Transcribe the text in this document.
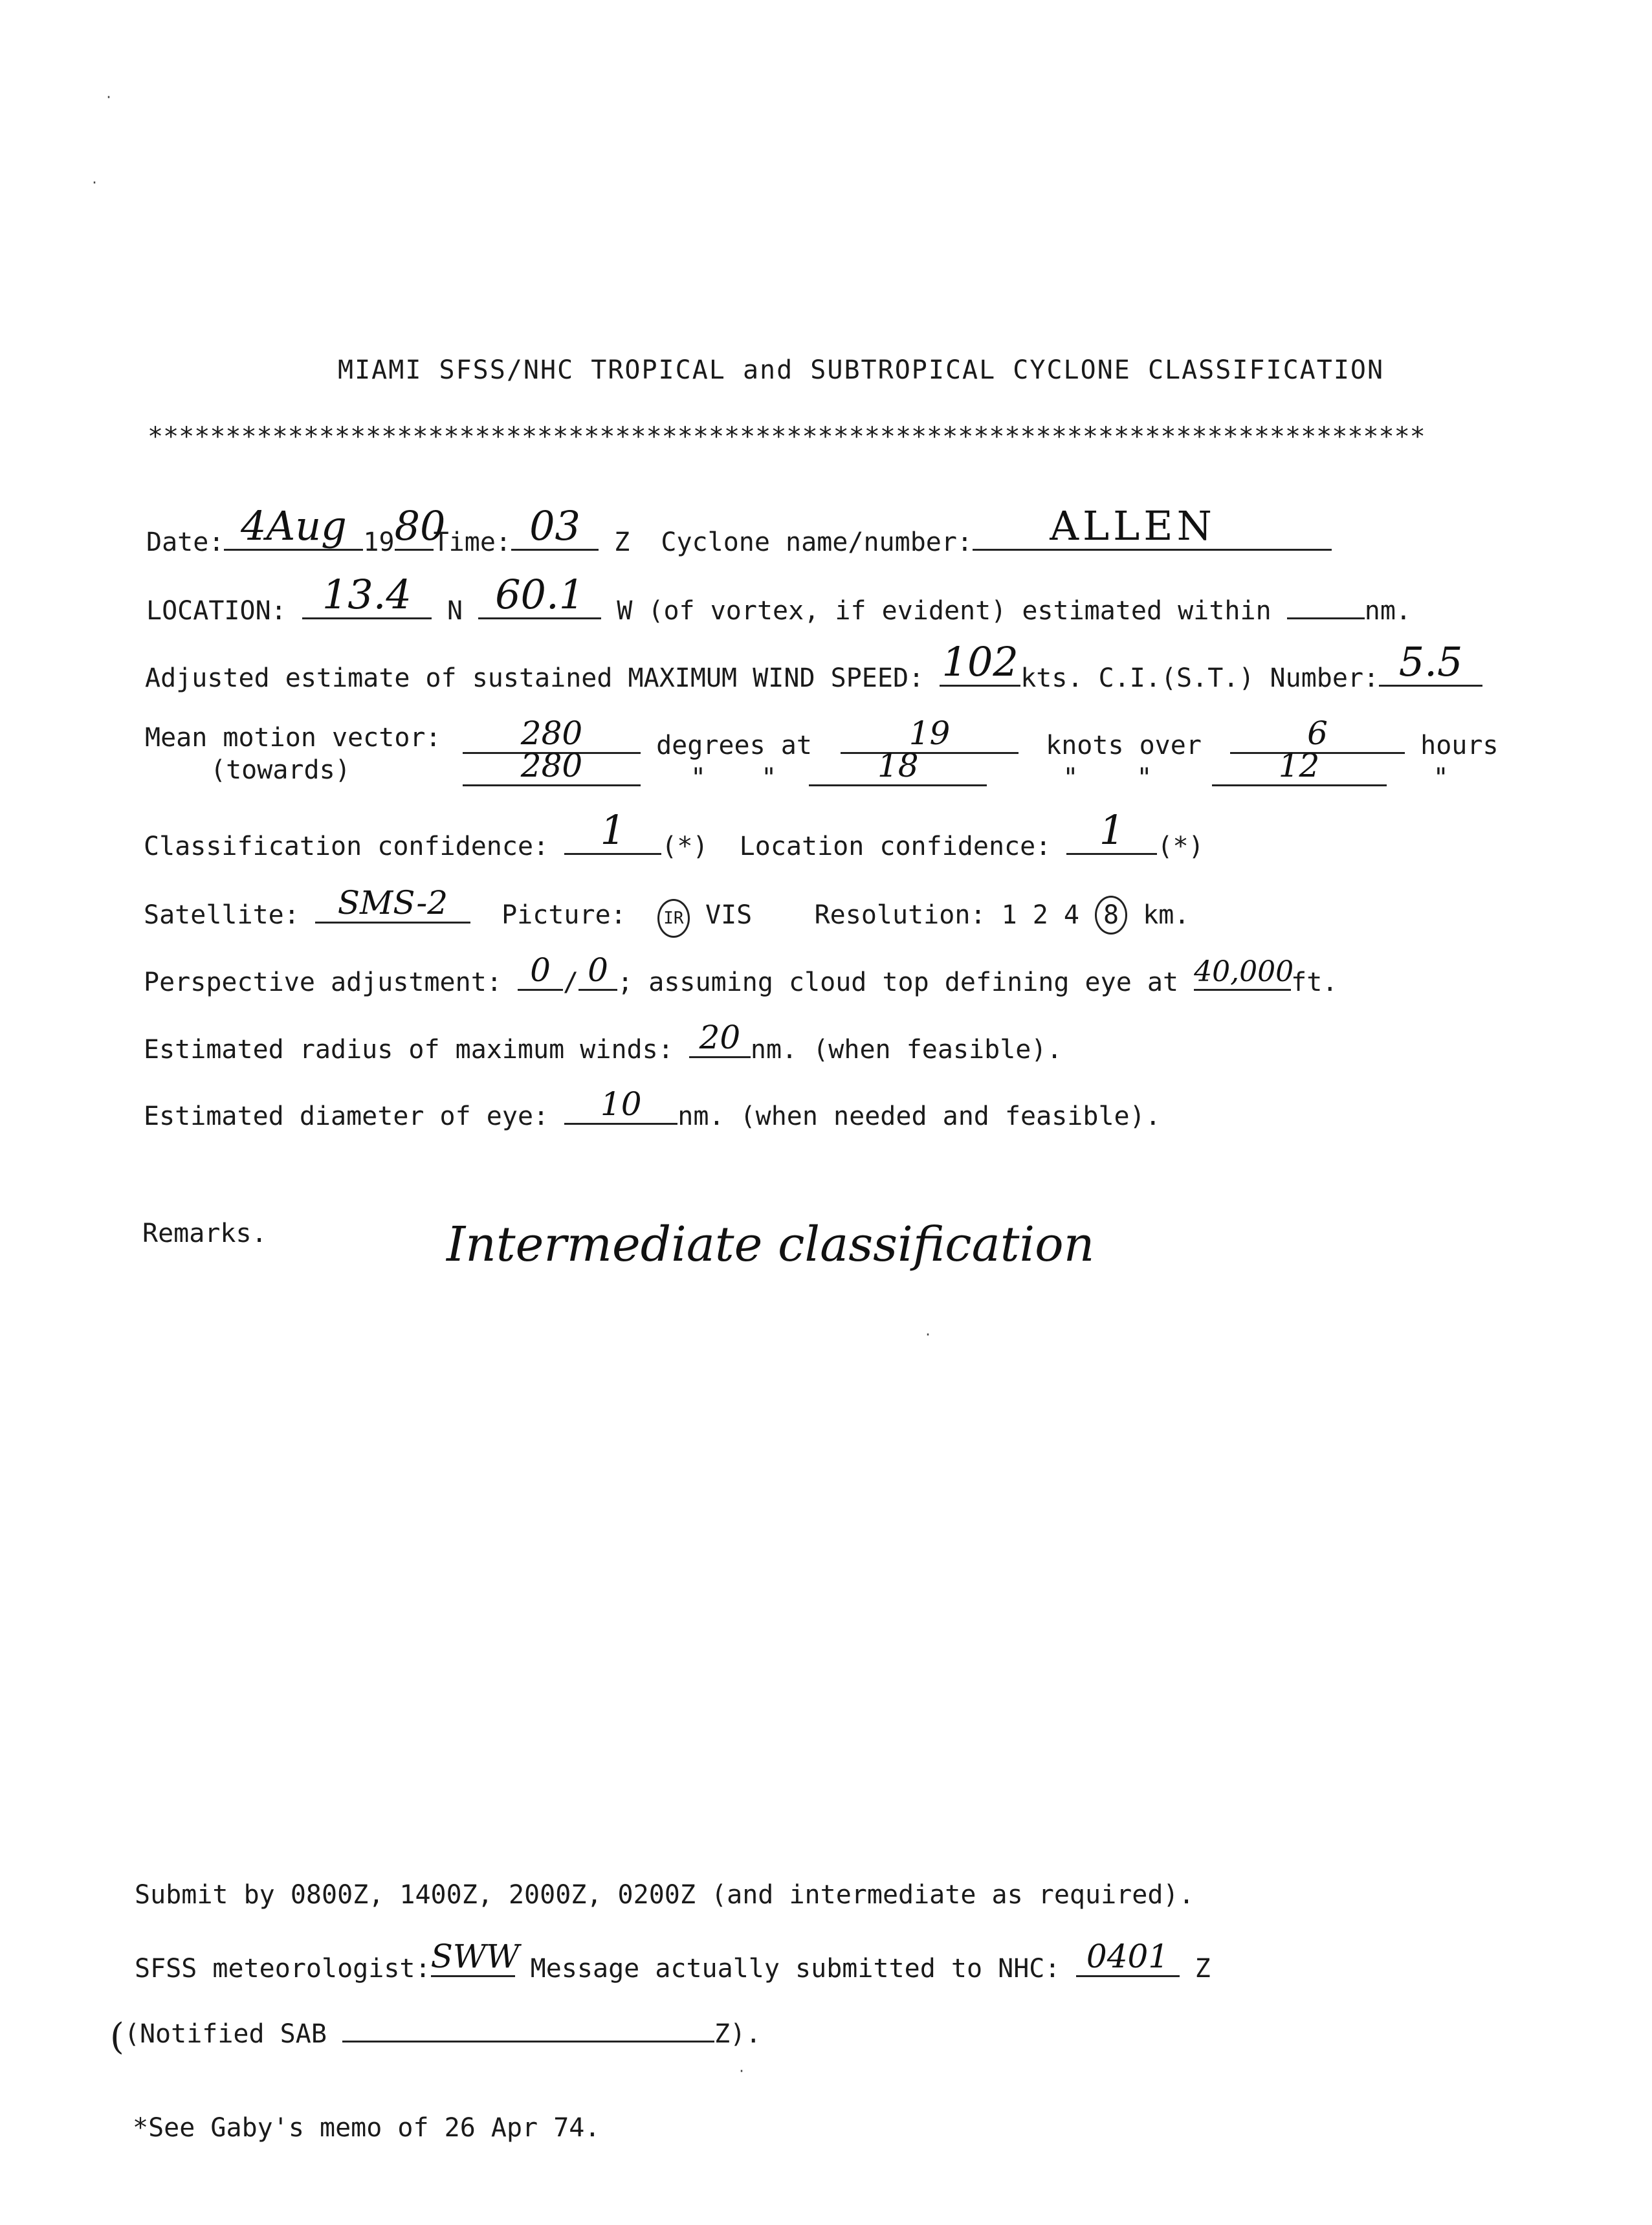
MIAMI SFSS/NHC TROPICAL and SUBTROPICAL CYCLONE CLASSIFICATION
**********************************************************************************
Date: 4Aug 19 80
Time: 03	Z Cyclone name/number:	ALLEN
LOCATION: 13.4	N 60.1	W (of vortex, if evident) estimated within	nm.
Adjusted estimate of sustained MAXIMUM WIND SPEED: 102 kts. C.I.(S.T.) Number: 5.5
Mean motion vector:
(towards)
280	degrees at	19	knots over	6	hours
280	" "	18	" "	12	"
Classification confidence:	1	(*) Location confidence:	1	(*)
Satellite:	SMS-2	Picture: IR VIS Resolution: 1 2 4 8 km.
Perspective adjustment: 0 / 0 ; assuming cloud top defining eye at 40,000
ft.
Estimated radius of maximum winds: 20 nm. (when feasible).
Estimated diameter of eye:	10	nm. (when needed and feasible).
Remarks.	Intermediate classification
Submit by 0800Z, 1400Z, 2000Z, 0200Z (and intermediate as required).
SFSS meteorologist: SWW Message actually submitted to NHC: 0401	Z
((Notified SAB	Z).
*See Gaby's memo of 26 Apr 74.
·
·
·
·
